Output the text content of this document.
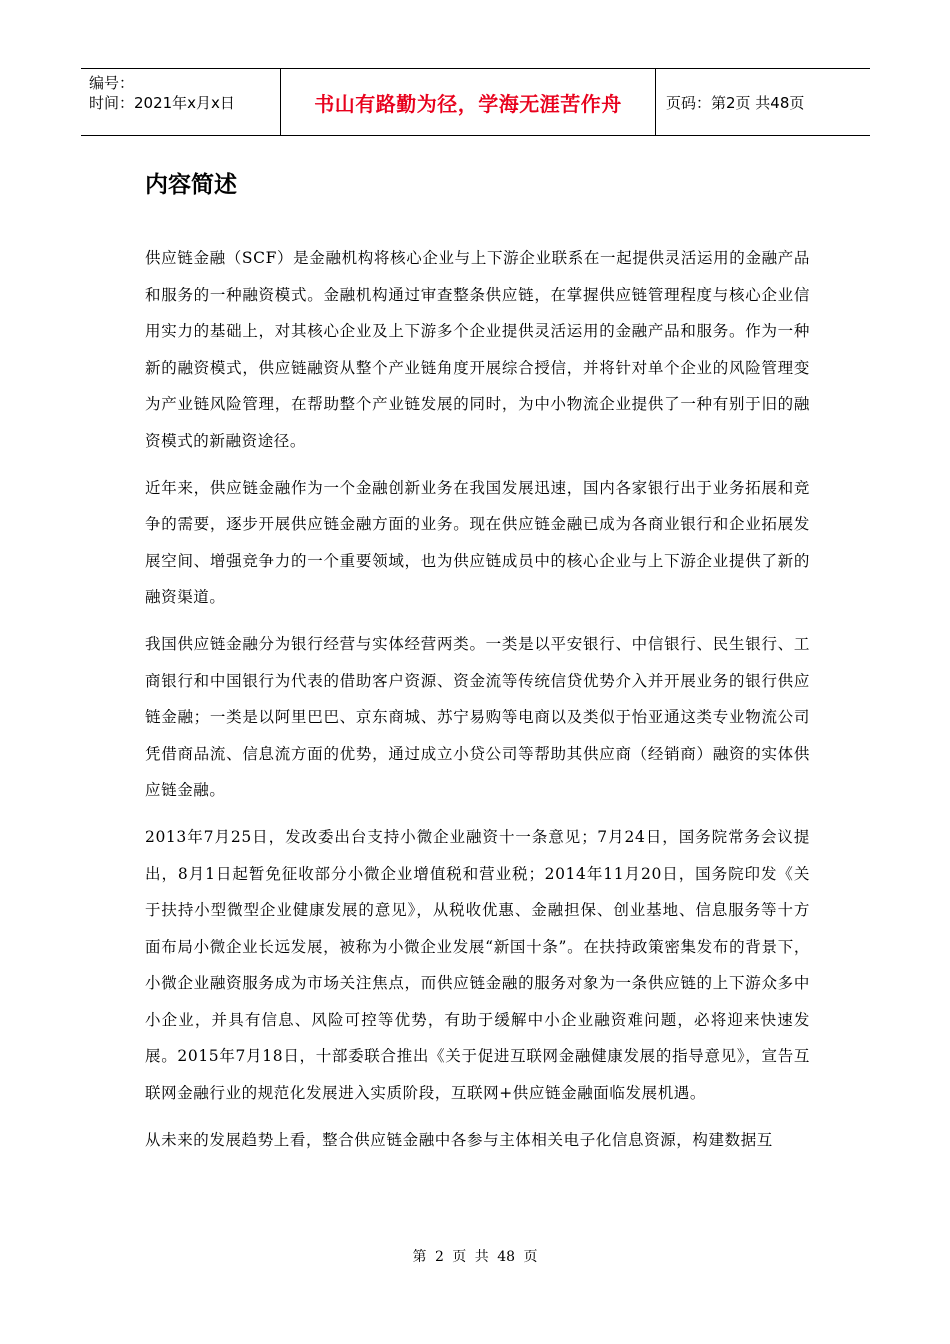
编号：
时间：2021年x月x日	书山有路勤为径，学海无涯苦作舟	页码：第2页 共48页
内容简述

供应链金融（SCF）是金融机构将核心企业与上下游企业联系在一起提供灵活运用的金融产品和服务的一种融资模式。金融机构通过审查整条供应链，在掌握供应链管理程度与核心企业信用实力的基础上，对其核心企业及上下游多个企业提供灵活运用的金融产品和服务。作为一种新的融资模式，供应链融资从整个产业链角度开展综合授信，并将针对单个企业的风险管理变为产业链风险管理，在帮助整个产业链发展的同时，为中小物流企业提供了一种有别于旧的融资模式的新融资途径。

近年来，供应链金融作为一个金融创新业务在我国发展迅速，国内各家银行出于业务拓展和竞争的需要，逐步开展供应链金融方面的业务。现在供应链金融已成为各商业银行和企业拓展发展空间、增强竞争力的一个重要领域，也为供应链成员中的核心企业与上下游企业提供了新的融资渠道。

我国供应链金融分为银行经营与实体经营两类。一类是以平安银行、中信银行、民生银行、工商银行和中国银行为代表的借助客户资源、资金流等传统信贷优势介入并开展业务的银行供应链金融；一类是以阿里巴巴、京东商城、苏宁易购等电商以及类似于怡亚通这类专业物流公司凭借商品流、信息流方面的优势，通过成立小贷公司等帮助其供应商（经销商）融资的实体供应链金融。

2013年7月25日，发改委出台支持小微企业融资十一条意见；7月24日，国务院常务会议提出，8月1日起暂免征收部分小微企业增值税和营业税；2014年11月20日，国务院印发《关于扶持小型微型企业健康发展的意见》，从税收优惠、金融担保、创业基地、信息服务等十方面布局小微企业长远发展，被称为小微企业发展“新国十条”。在扶持政策密集发布的背景下，小微企业融资服务成为市场关注焦点，而供应链金融的服务对象为一条供应链的上下游众多中小企业，并具有信息、风险可控等优势，有助于缓解中小企业融资难问题，必将迎来快速发展。2015年7月18日，十部委联合推出《关于促进互联网金融健康发展的指导意见》，宣告互联网金融行业的规范化发展进入实质阶段，互联网+供应链金融面临发展机遇。

从未来的发展趋势上看，整合供应链金融中各参与主体相关电子化信息资源，构建数据互

第 2 页 共 48 页
